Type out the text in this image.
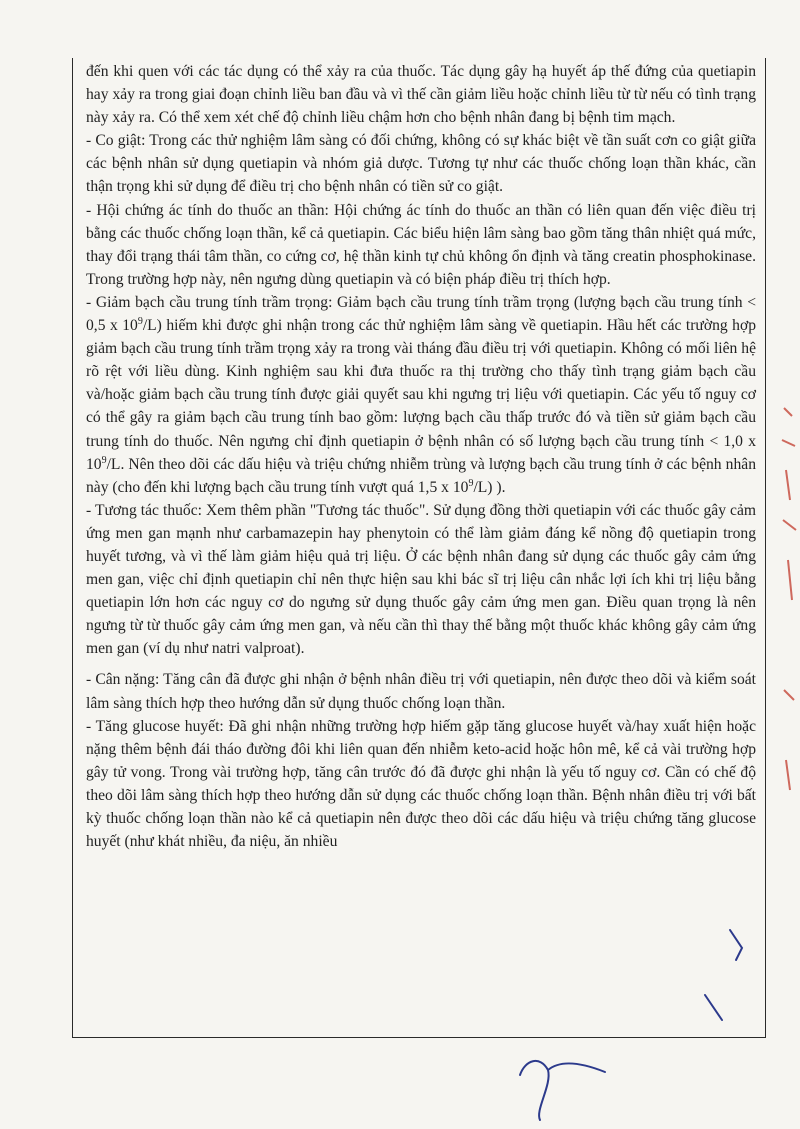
đến khi quen với các tác dụng có thể xảy ra của thuốc. Tác dụng gây hạ huyết áp thế đứng của quetiapin hay xảy ra trong giai đoạn chỉnh liều ban đầu và vì thế cần giảm liều hoặc chỉnh liều từ từ nếu có tình trạng này xảy ra. Có thể xem xét chế độ chỉnh liều chậm hơn cho bệnh nhân đang bị bệnh tim mạch.

- Co giật: Trong các thử nghiệm lâm sàng có đối chứng, không có sự khác biệt về tần suất cơn co giật giữa các bệnh nhân sử dụng quetiapin và nhóm giả dược. Tương tự như các thuốc chống loạn thần khác, cần thận trọng khi sử dụng để điều trị cho bệnh nhân có tiền sử co giật.

- Hội chứng ác tính do thuốc an thần: Hội chứng ác tính do thuốc an thần có liên quan đến việc điều trị bằng các thuốc chống loạn thần, kể cả quetiapin. Các biểu hiện lâm sàng bao gồm tăng thân nhiệt quá mức, thay đổi trạng thái tâm thần, co cứng cơ, hệ thần kinh tự chủ không ổn định và tăng creatin phosphokinase. Trong trường hợp này, nên ngưng dùng quetiapin và có biện pháp điều trị thích hợp.

- Giảm bạch cầu trung tính trầm trọng: Giảm bạch cầu trung tính trầm trọng (lượng bạch cầu trung tính < 0,5 x $10^9/L$) hiếm khi được ghi nhận trong các thử nghiệm lâm sàng về quetiapin. Hầu hết các trường hợp giảm bạch cầu trung tính trầm trọng xảy ra trong vài tháng đầu điều trị với quetiapin. Không có mối liên hệ rõ rệt với liều dùng. Kinh nghiệm sau khi đưa thuốc ra thị trường cho thấy tình trạng giảm bạch cầu và/hoặc giảm bạch cầu trung tính được giải quyết sau khi ngưng trị liệu với quetiapin. Các yếu tố nguy cơ có thể gây ra giảm bạch cầu trung tính bao gồm: lượng bạch cầu thấp trước đó và tiền sử giảm bạch cầu trung tính do thuốc. Nên ngưng chỉ định quetiapin ở bệnh nhân có số lượng bạch cầu trung tính < 1,0 x $10^9/L$. Nên theo dõi các dấu hiệu và triệu chứng nhiễm trùng và lượng bạch cầu trung tính ở các bệnh nhân này (cho đến khi lượng bạch cầu trung tính vượt quá 1,5 x $10^9/L$) ).

- Tương tác thuốc: Xem thêm phần "Tương tác thuốc". Sử dụng đồng thời quetiapin với các thuốc gây cảm ứng men gan mạnh như carbamazepin hay phenytoin có thể làm giảm đáng kể nồng độ quetiapin trong huyết tương, và vì thế làm giảm hiệu quả trị liệu. Ở các bệnh nhân đang sử dụng các thuốc gây cảm ứng men gan, việc chỉ định quetiapin chỉ nên thực hiện sau khi bác sĩ trị liệu cân nhắc lợi ích khi trị liệu bằng quetiapin lớn hơn các nguy cơ do ngưng sử dụng thuốc gây cảm ứng men gan. Điều quan trọng là nên ngưng từ từ thuốc gây cảm ứng men gan, và nếu cần thì thay thế bằng một thuốc khác không gây cảm ứng men gan (ví dụ như natri valproat).

- Cân nặng: Tăng cân đã được ghi nhận ở bệnh nhân điều trị với quetiapin, nên được theo dõi và kiểm soát lâm sàng thích hợp theo hướng dẫn sử dụng thuốc chống loạn thần.

- Tăng glucose huyết: Đã ghi nhận những trường hợp hiếm gặp tăng glucose huyết và/hay xuất hiện hoặc nặng thêm bệnh đái tháo đường đôi khi liên quan đến nhiễm keto-acid hoặc hôn mê, kể cả vài trường hợp gây tử vong. Trong vài trường hợp, tăng cân trước đó đã được ghi nhận là yếu tố nguy cơ. Cần có chế độ theo dõi lâm sàng thích hợp theo hướng dẫn sử dụng các thuốc chống loạn thần. Bệnh nhân điều trị với bất kỳ thuốc chống loạn thần nào kể cả quetiapin nên được theo dõi các dấu hiệu và triệu chứng tăng glucose huyết (như khát nhiều, đa niệu, ăn nhiều
